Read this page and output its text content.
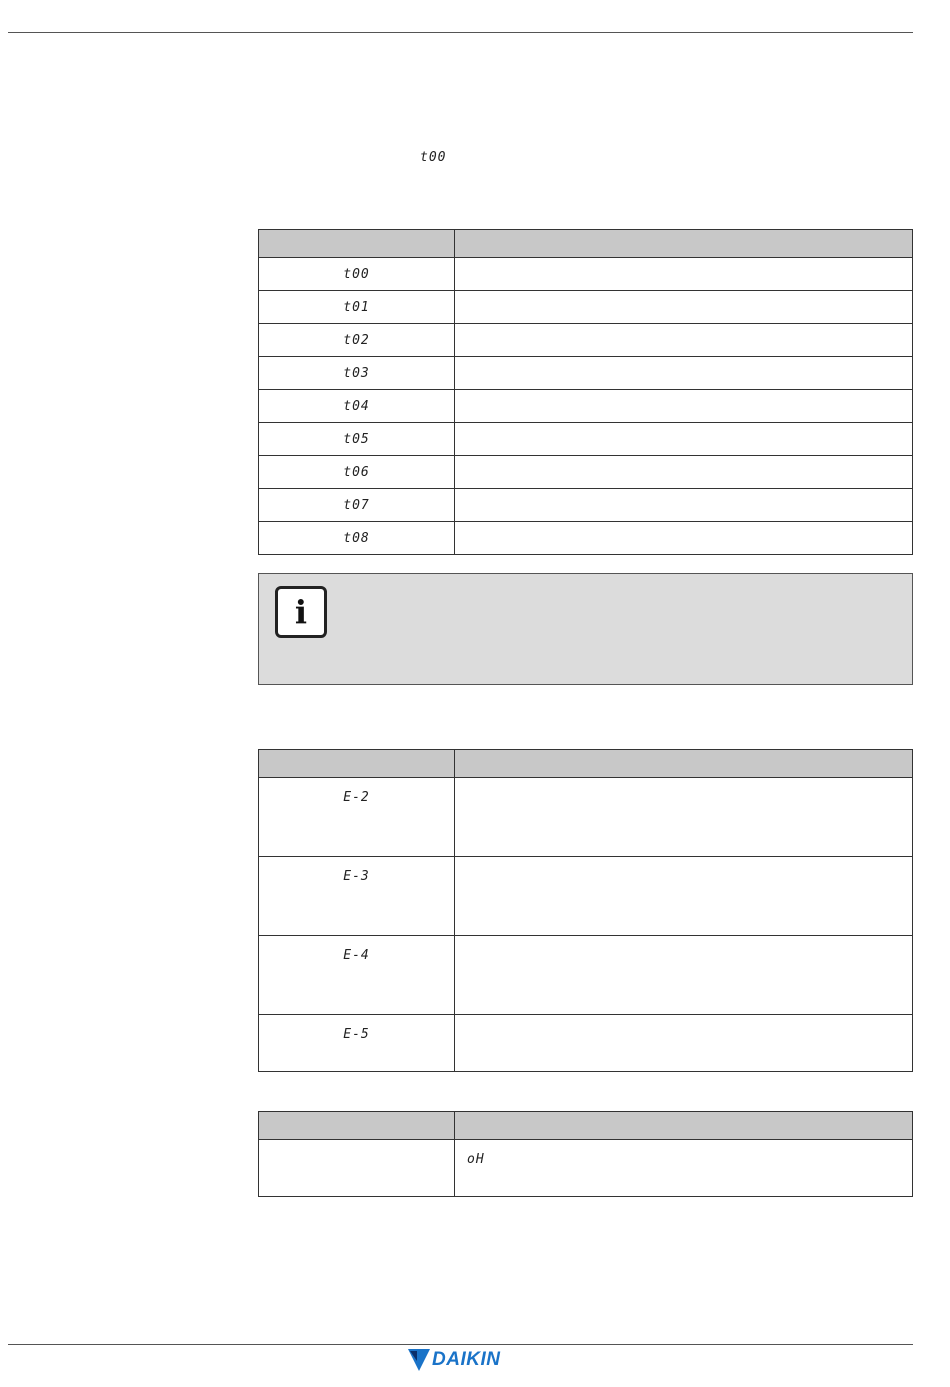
t00

t00	
t01	
t02	
t03	
t04	
t05	
t06	
t07	
t08	
i

E-2	
E-3	
E-4	
E-5	

	oH
DAIKIN
